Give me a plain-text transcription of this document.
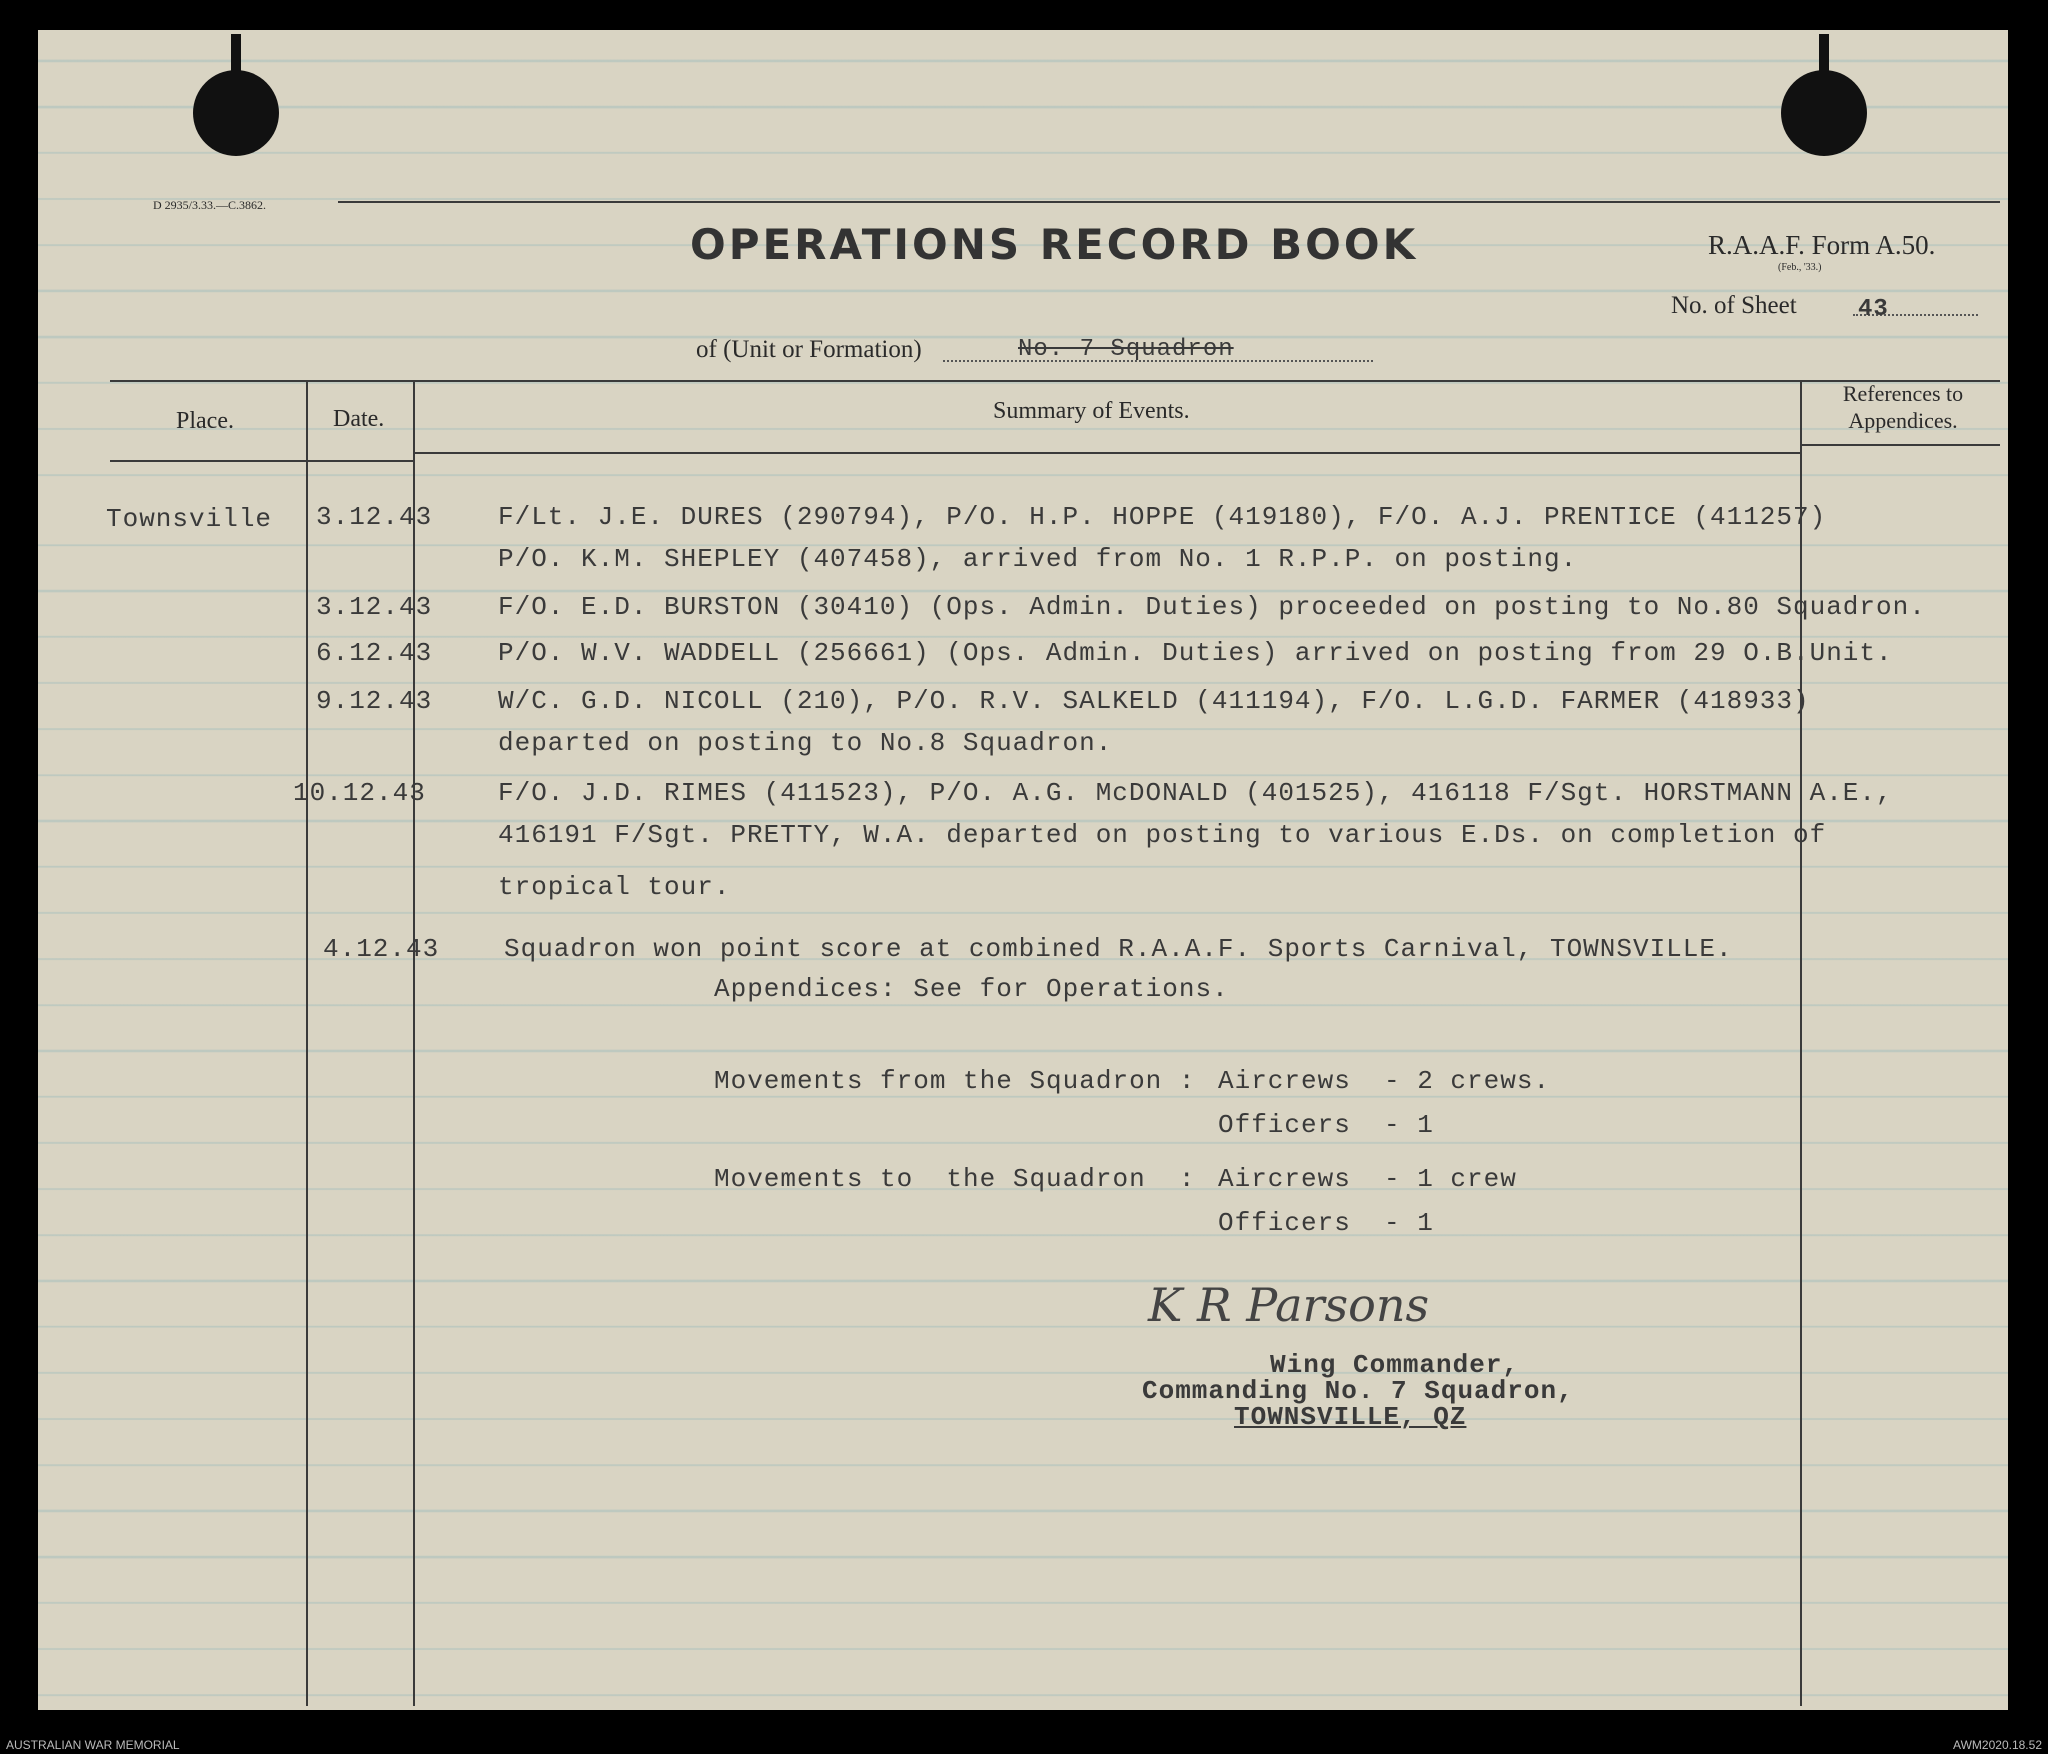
D 2935/3.33.—C.3862.
OPERATIONS RECORD BOOK	R.A.A.F. Form A.50.
(Feb., '33.)
No. of Sheet	43
of (Unit or Formation)	No. 7 Squadron
Place.	Date.	Summary of Events.
References to
Appendices.
Townsville 3.12.43	F/Lt. J.E. DURES (290794), P/O. H.P. HOPPE (419180), F/O. A.J. PRENTICE (411257)
P/O. K.M. SHEPLEY (407458), arrived from No. 1 R.P.P. on posting.
3.12.43	F/O. E.D. BURSTON (30410) (Ops. Admin. Duties) proceeded on posting to No.80 Squadron.
6.12.43	P/O. W.V. WADDELL (256661) (Ops. Admin. Duties) arrived on posting from 29 O.B.Unit.
9.12.43	W/C. G.D. NICOLL (210), P/O. R.V. SALKELD (411194), F/O. L.G.D. FARMER (418933)
departed on posting to No.8 Squadron.
10.12.43	F/O. J.D. RIMES (411523), P/O. A.G. McDONALD (401525), 416118 F/Sgt. HORSTMANN A.E.,
416191 F/Sgt. PRETTY, W.A. departed on posting to various E.Ds. on completion of
tropical tour.
4.12.43 Squadron won point score at combined R.A.A.F. Sports Carnival, TOWNSVILLE.
Appendices: See for Operations.
Movements from the Squadron : Aircrews  - 2 crews.
Officers  - 1
Movements to  the Squadron  : Aircrews  - 1 crew
Officers  - 1
K R Parsons
Wing Commander,
Commanding No. 7 Squadron,
TOWNSVILLE, QZ
AUSTRALIAN WAR MEMORIAL	AWM2020.18.52
